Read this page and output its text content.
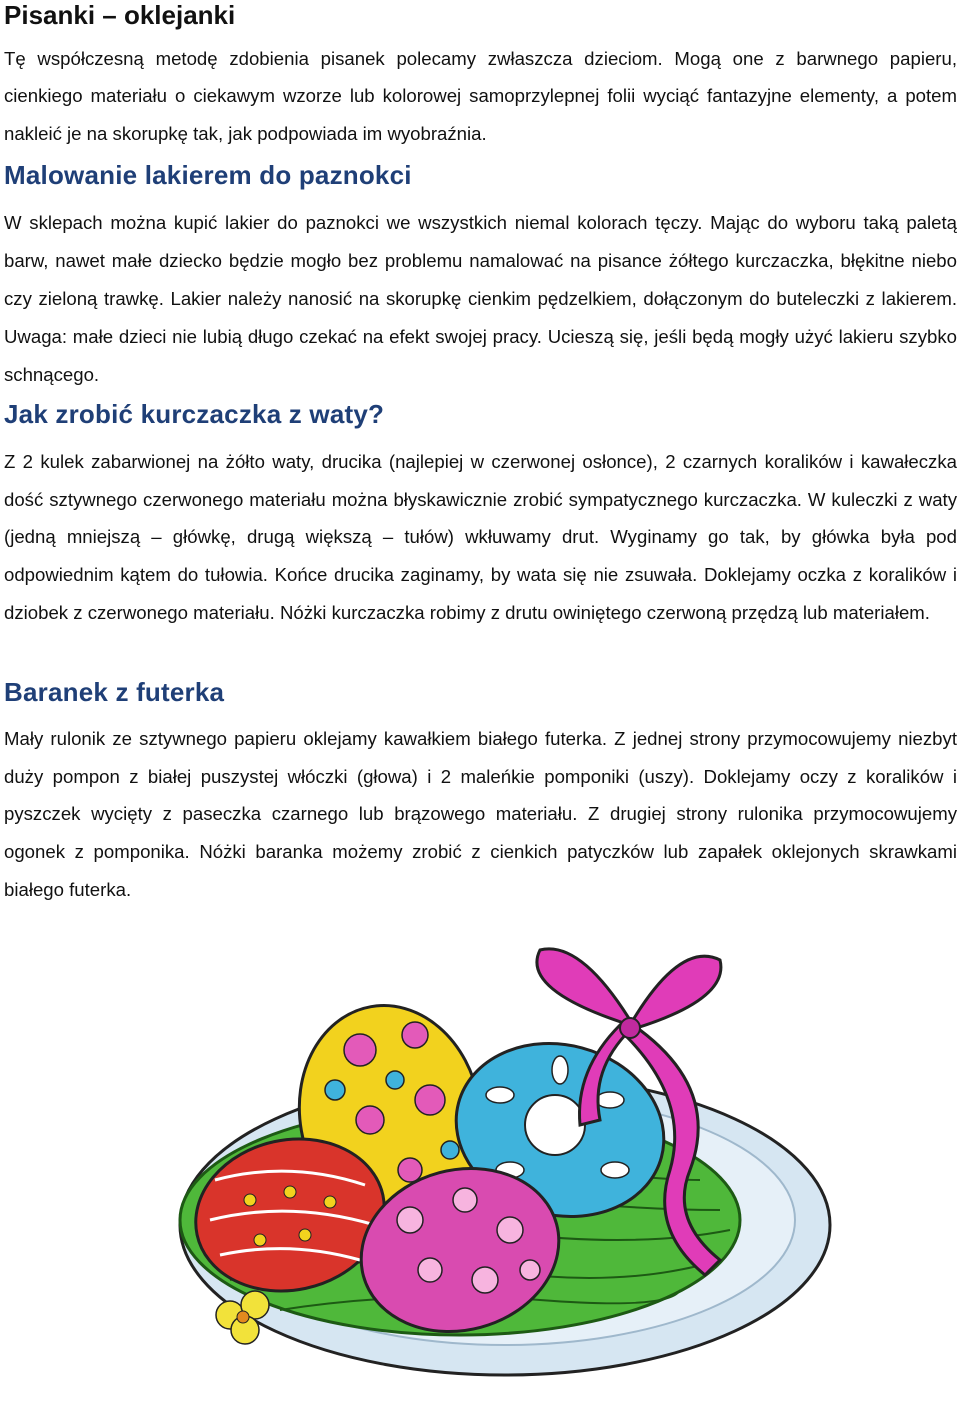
Pisanki – oklejanki

Tę współczesną metodę zdobienia pisanek polecamy zwłaszcza dzieciom. Mogą one z barwnego papieru, cienkiego materiału o ciekawym wzorze lub kolorowej samoprzylepnej folii wyciąć fantazyjne elementy, a potem nakleić je na skorupkę tak, jak podpowiada im wyobraźnia.

Malowanie lakierem do paznokci

W sklepach można kupić lakier do paznokci we wszystkich niemal kolorach tęczy. Mając do wyboru taką paletą barw, nawet małe dziecko będzie mogło bez problemu namalować na pisance żółtego kurczaczka, błękitne niebo czy zieloną trawkę. Lakier należy nanosić na skorupkę cienkim pędzelkiem, dołączonym do buteleczki z lakierem. Uwaga: małe dzieci nie lubią długo czekać na efekt swojej pracy. Ucieszą się, jeśli będą mogły użyć lakieru szybko schnącego.

Jak zrobić kurczaczka z waty?

Z 2 kulek zabarwionej na żółto waty, drucika (najlepiej w czerwonej osłonce), 2 czarnych koralików i kawałeczka dość sztywnego czerwonego materiału można błyskawicznie zrobić sympatycznego kurczaczka. W kuleczki z waty (jedną mniejszą – główkę, drugą większą – tułów) wkłuwamy drut. Wyginamy go tak, by główka była pod odpowiednim kątem do tułowia. Końce drucika zaginamy, by wata się nie zsuwała. Doklejamy oczka z koralików i dziobek z czerwonego materiału. Nóżki kurczaczka robimy z drutu owiniętego czerwoną przędzą lub materiałem.

Baranek z futerka

Mały rulonik ze sztywnego papieru oklejamy kawałkiem białego futerka. Z jednej strony przymocowujemy niezbyt duży pompon z białej puszystej włóczki (głowa) i 2 maleńkie pomponiki (uszy). Doklejamy oczy z koralików i pyszczek wycięty z paseczka czarnego lub brązowego materiału. Z drugiej strony rulonika przymocowujemy ogonek z pomponika. Nóżki baranka możemy zrobić z cienkich patyczków lub zapałek oklejonych skrawkami białego futerka.
